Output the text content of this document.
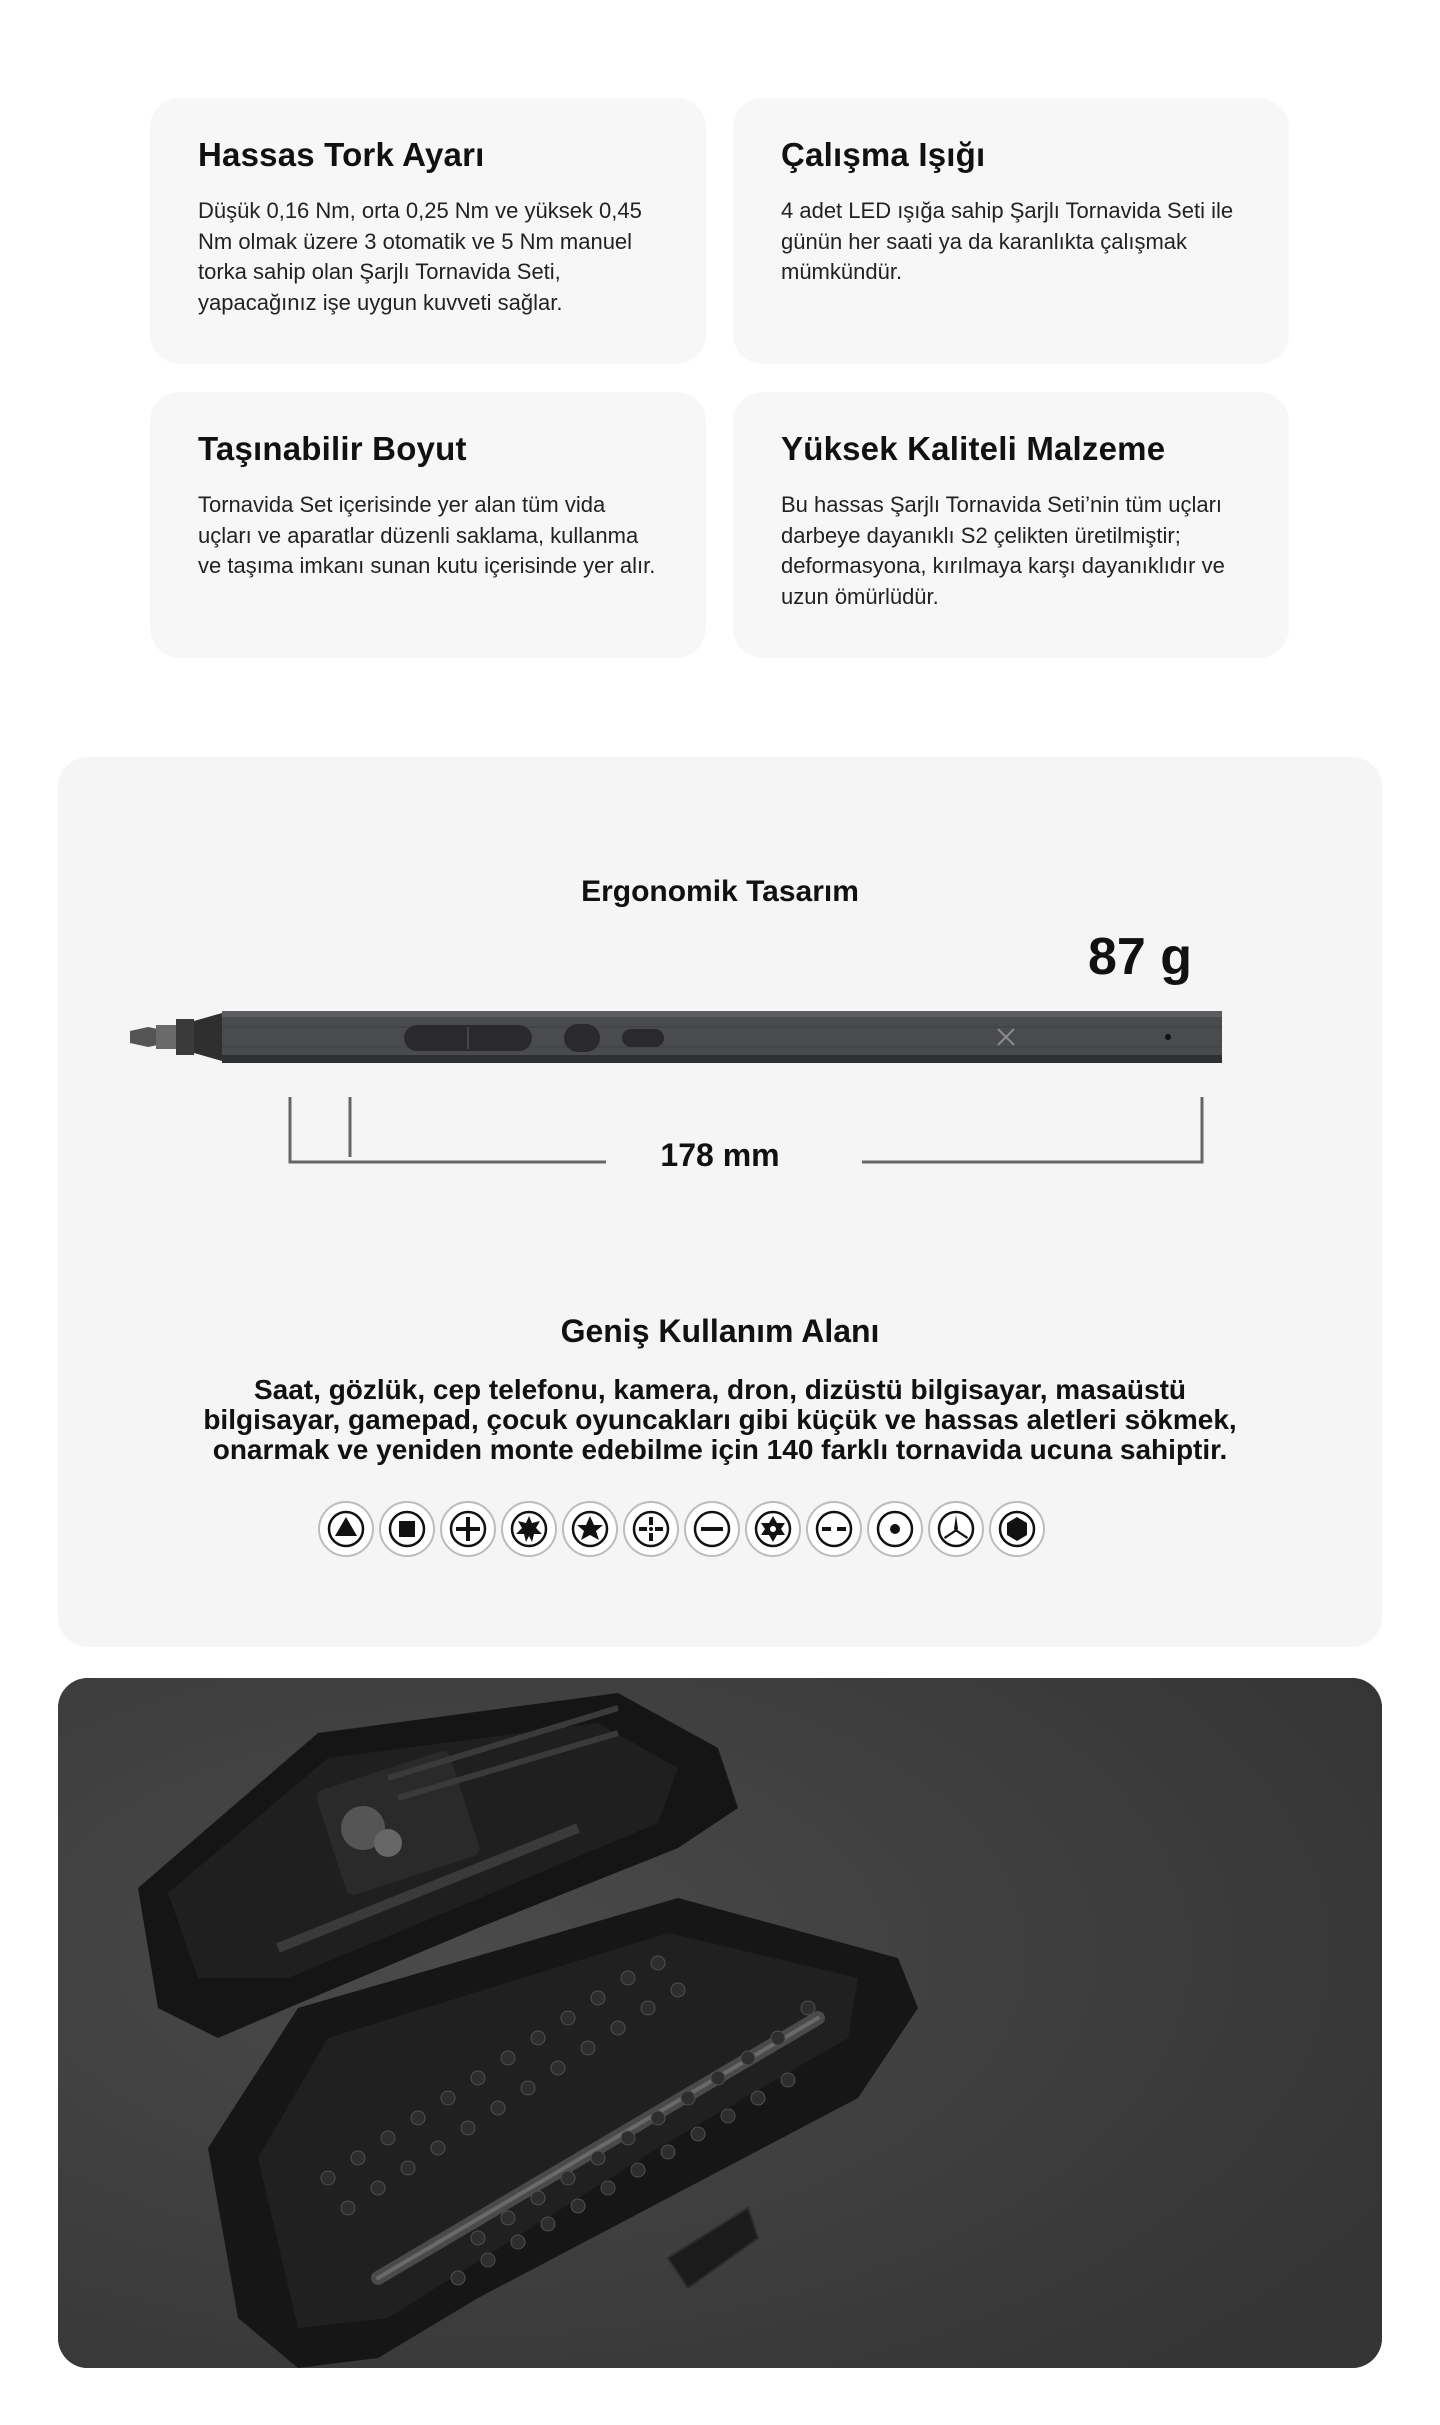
Hassas Tork Ayarı

Düşük 0,16 Nm, orta 0,25 Nm ve yüksek 0,45 Nm olmak üzere 3 otomatik ve 5 Nm manuel torka sahip olan Şarjlı Tornavida Seti, yapacağınız işe uygun kuvveti sağlar.

Çalışma Işığı

4 adet LED ışığa sahip Şarjlı Tornavida Seti ile günün her saati ya da karanlıkta çalışmak mümkündür.

Taşınabilir Boyut

Tornavida Set içerisinde yer alan tüm vida uçları ve aparatlar düzenli saklama, kullanma ve taşıma imkanı sunan kutu içerisinde yer alır.

Yüksek Kaliteli Malzeme

Bu hassas Şarjlı Tornavida Seti’nin tüm uçları darbeye dayanıklı S2 çelikten üretilmiştir; deformasyona, kırılmaya karşı dayanıklıdır ve uzun ömürlüdür.

Ergonomik Tasarım
87 g
178 mm
Geniş Kullanım Alanı
Saat, gözlük, cep telefonu, kamera, dron, dizüstü bilgisayar, masaüstü bilgisayar, gamepad, çocuk oyuncakları gibi küçük ve hassas aletleri sökmek, onarmak ve yeniden monte edebilme için 140 farklı tornavida ucuna sahiptir.
